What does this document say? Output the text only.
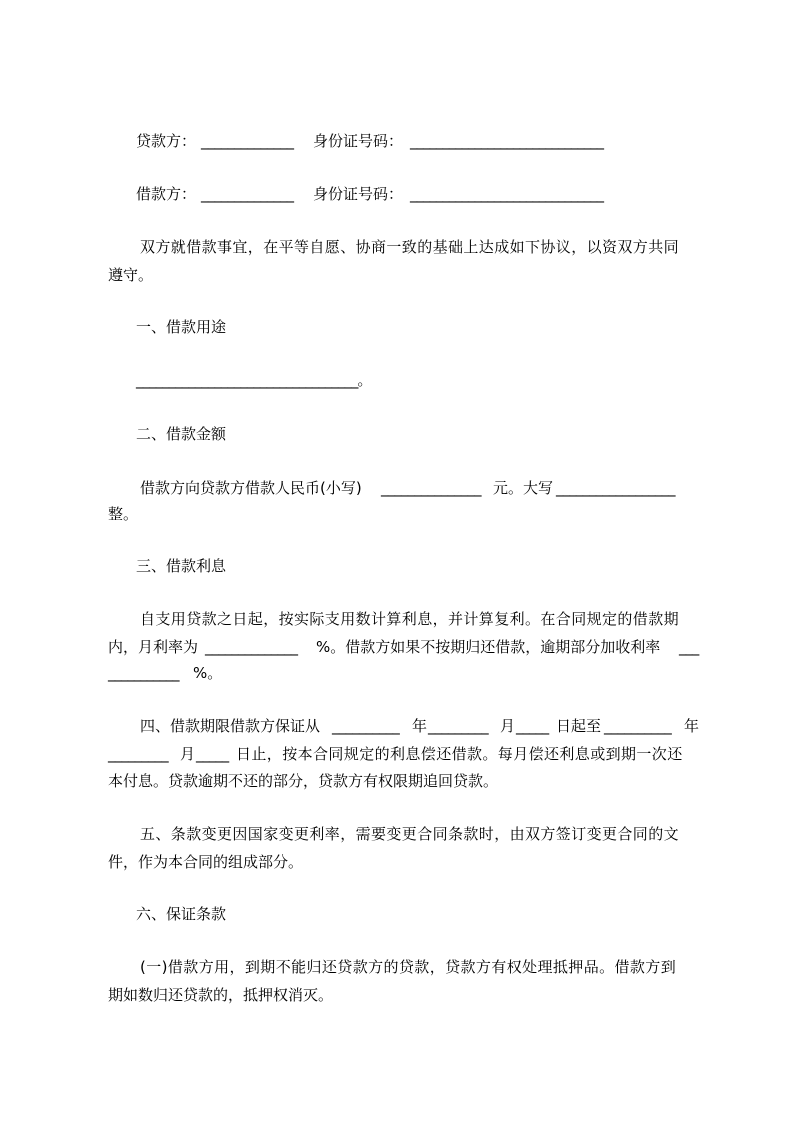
贷款方： ______________ 身份证号码： ______________________________
借款方： ______________ 身份证号码： ______________________________
双方就借款事宜，在平等自愿、协商一致的基础上达成如下协议，以资双方共同
遵守。
一、借款用途
__________________________________。
二、借款金额
借款方向贷款方借款人民币(小写) _______________ 元。大写 __________________
整。
三、借款利息
自支用贷款之日起，按实际支用数计算利息，并计算复利。在合同规定的借款期
内，月利率为 ______________ %。借款方如果不按期归还借款，逾期部分加收利率 ___
___________ %。
四、借款期限借款方保证从 __________ 年 _________ 月 _____ 日起至 __________ 年
_________ 月 _____ 日止，按本合同规定的利息偿还借款。每月偿还利息或到期一次还
本付息。贷款逾期不还的部分，贷款方有权限期追回贷款。
五、条款变更因国家变更利率，需要变更合同条款时，由双方签订变更合同的文
件，作为本合同的组成部分。
六、保证条款
(一)借款方用，到期不能归还贷款方的贷款，贷款方有权处理抵押品。借款方到
期如数归还贷款的，抵押权消灭。
